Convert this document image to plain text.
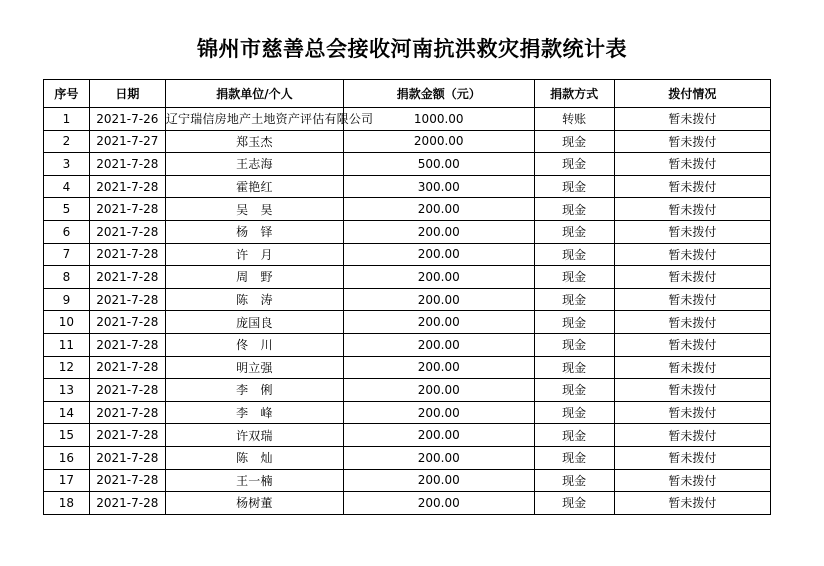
锦州市慈善总会接收河南抗洪救灾捐款统计表
序号	日期	捐款单位/个人	捐款金额（元）	捐款方式	拨付情况
1	2021-7-26	辽宁瑞信房地产土地资产评估有限公司	1000.00	转账	暂未拨付
2	2021-7-27	郑玉杰	2000.00	现金	暂未拨付
3	2021-7-28	王志海	500.00	现金	暂未拨付
4	2021-7-28	霍艳红	300.00	现金	暂未拨付
5	2021-7-28	吴　昊	200.00	现金	暂未拨付
6	2021-7-28	杨　铎	200.00	现金	暂未拨付
7	2021-7-28	许　月	200.00	现金	暂未拨付
8	2021-7-28	周　野	200.00	现金	暂未拨付
9	2021-7-28	陈　涛	200.00	现金	暂未拨付
10	2021-7-28	庞国良	200.00	现金	暂未拨付
11	2021-7-28	佟　川	200.00	现金	暂未拨付
12	2021-7-28	明立强	200.00	现金	暂未拨付
13	2021-7-28	李　俐	200.00	现金	暂未拨付
14	2021-7-28	李　峰	200.00	现金	暂未拨付
15	2021-7-28	许双瑞	200.00	现金	暂未拨付
16	2021-7-28	陈　灿	200.00	现金	暂未拨付
17	2021-7-28	王一楠	200.00	现金	暂未拨付
18	2021-7-28	杨树董	200.00	现金	暂未拨付
